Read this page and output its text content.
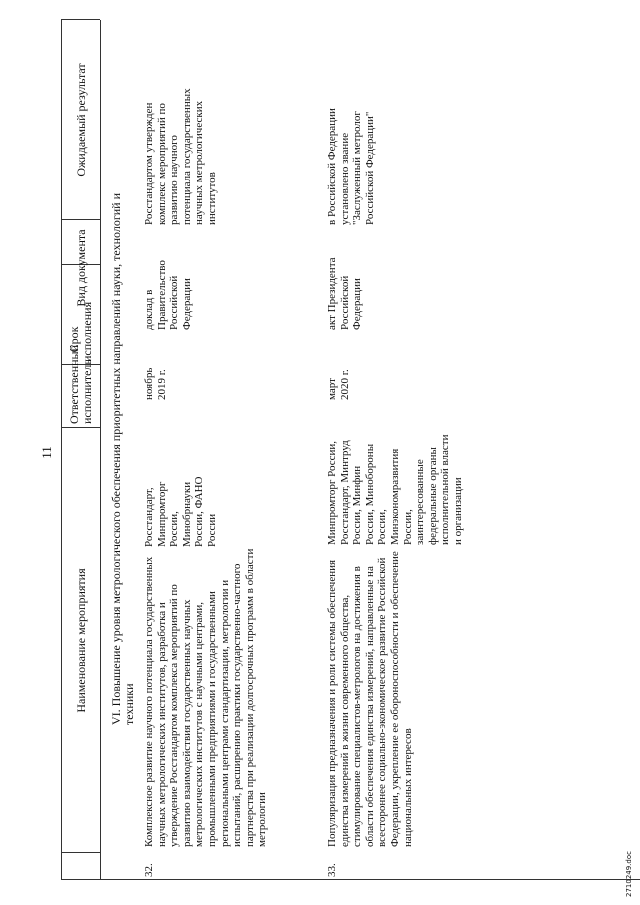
11
Наименование мероприятия
Ответственный исполнитель
Срок исполнения
Вид документа
Ожидаемый результат
VI. Повышение уровня метрологического обеспечения приоритетных направлений науки, технологий и техники
32.
Комплексное развитие научного потенциала государственных научных метрологических институтов, разработка и утверждение Росстандартом комплекса мероприятий по развитию взаимодействия государственных научных метрологических институтов с научными центрами, промышленными предприятиями и государственными региональными центрами стандартизации, метрологии и испытаний, расширению практики государственно-частного партнерства при реализации долгосрочных программ в области метрологии
Росстандарт, Минпромторг России, Минобрнауки России, ФАНО России
ноябрь 2019 г.
доклад в Правительство Российской Федерации
Росстандартом утвержден комплекс мероприятий по развитию научного потенциала государственных научных метрологических институтов
33.
Популяризация предназначения и роли системы обеспечения единства измерений в жизни современного общества, стимулирование специалистов-метрологов на достижения в области обеспечения единства измерений, направленные на всестороннее социально-экономическое развитие Российской Федерации, укрепление ее обороноспособности и обеспечение национальных интересов
Минпромторг России, Росстандарт, Минтруд России, Минфин России, Минобороны России, Минэкономразвития России, заинтересованные федеральные органы исполнительной власти и организации
март 2020 г.
акт Президента Российской Федерации
в Российской Федерации установлено звание "Заслуженный метролог Российской Федерации"
2710249.doc
